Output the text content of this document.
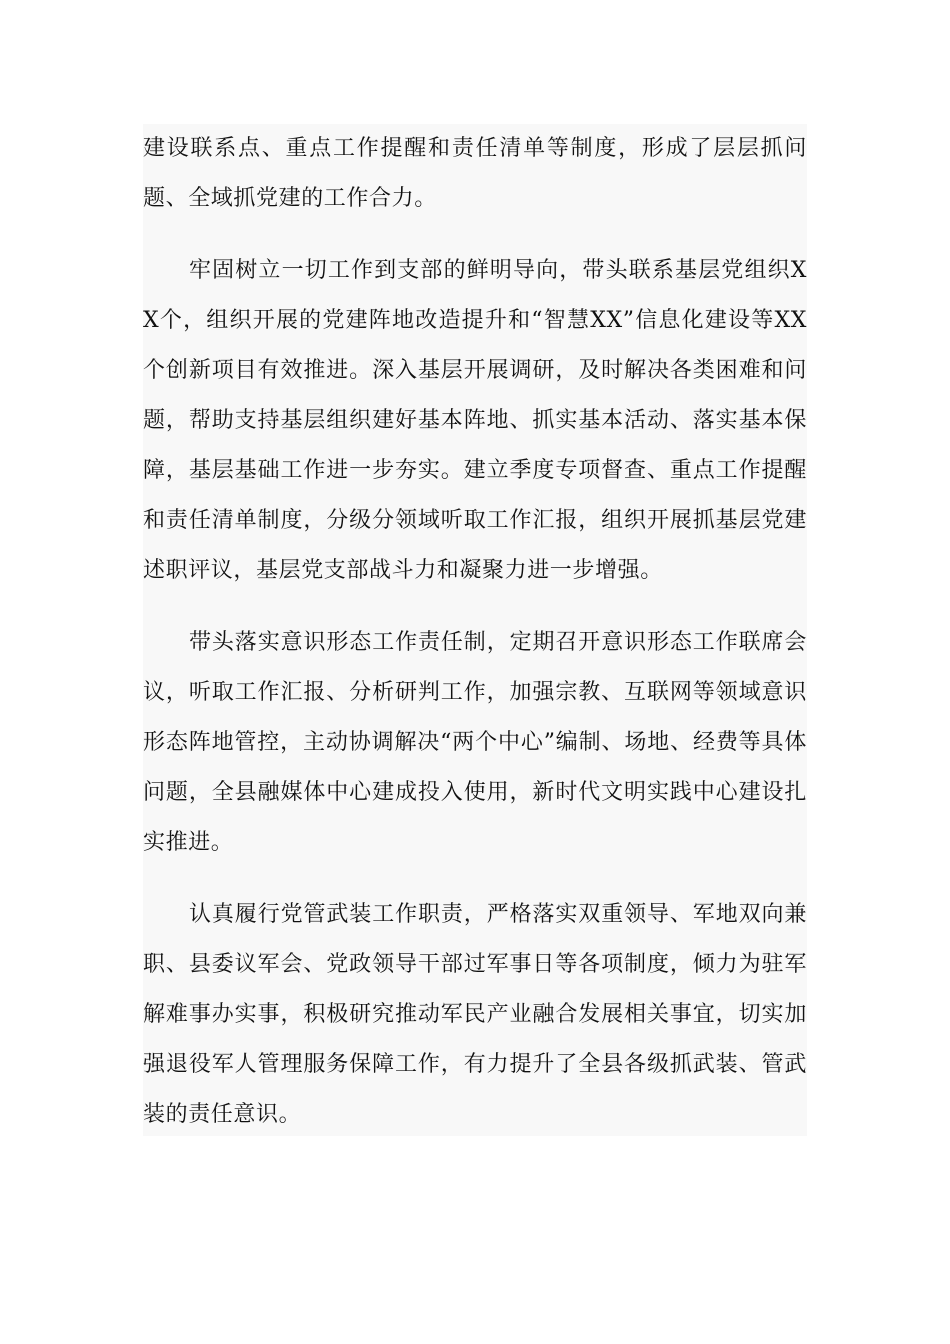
建设联系点、重点工作提醒和责任清单等制度，形成了层层抓问题、全域抓党建的工作合力。

牢固树立一切工作到支部的鲜明导向，带头联系基层党组织XX个，组织开展的党建阵地改造提升和“智慧XX”信息化建设等XX个创新项目有效推进。深入基层开展调研，及时解决各类困难和问题，帮助支持基层组织建好基本阵地、抓实基本活动、落实基本保障，基层基础工作进一步夯实。建立季度专项督查、重点工作提醒和责任清单制度，分级分领域听取工作汇报，组织开展抓基层党建述职评议，基层党支部战斗力和凝聚力进一步增强。

带头落实意识形态工作责任制，定期召开意识形态工作联席会议，听取工作汇报、分析研判工作，加强宗教、互联网等领域意识形态阵地管控，主动协调解决“两个中心”编制、场地、经费等具体问题，全县融媒体中心建成投入使用，新时代文明实践中心建设扎实推进。

认真履行党管武装工作职责，严格落实双重领导、军地双向兼职、县委议军会、党政领导干部过军事日等各项制度，倾力为驻军解难事办实事，积极研究推动军民产业融合发展相关事宜，切实加强退役军人管理服务保障工作，有力提升了全县各级抓武装、管武装的责任意识。
